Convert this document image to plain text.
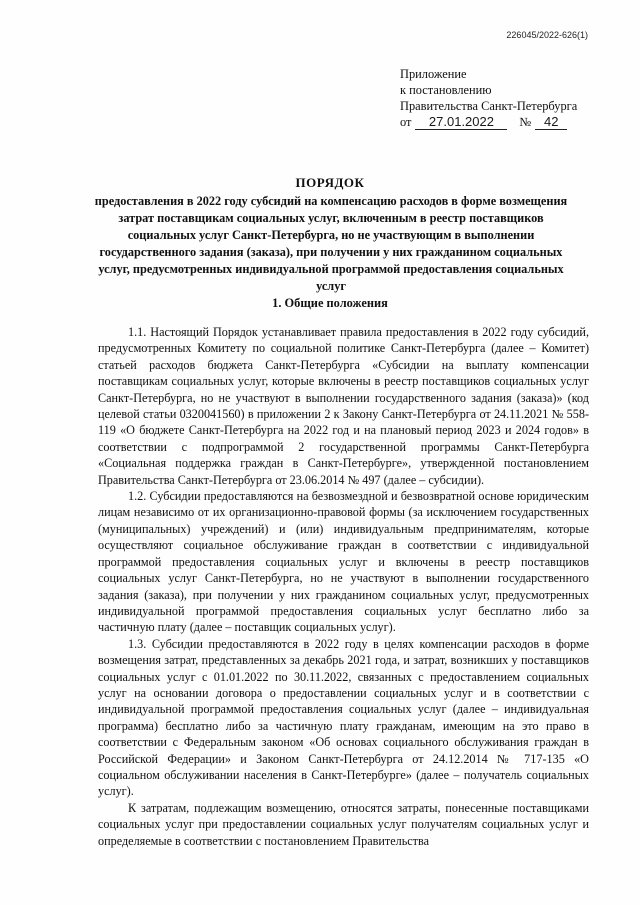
226045/2022-626(1)
Приложение
к постановлению
Правительства Санкт-Петербурга
от 27.01.2022 № 42
ПОРЯДОК
предоставления в 2022 году субсидий на компенсацию расходов в форме возмещения затрат поставщикам социальных услуг, включенным в реестр поставщиков социальных услуг Санкт-Петербурга, но не участвующим в выполнении государственного задания (заказа), при получении у них гражданином социальных услуг, предусмотренных индивидуальной программой предоставления социальных услуг
1. Общие положения

1.1. Настоящий Порядок устанавливает правила предоставления в 2022 году субсидий, предусмотренных Комитету по социальной политике Санкт-Петербурга (далее – Комитет) статьей расходов бюджета Санкт-Петербурга «Субсидии на выплату компенсации поставщикам социальных услуг, которые включены в реестр поставщиков социальных услуг Санкт-Петербурга, но не участвуют в выполнении государственного задания (заказа)» (код целевой статьи 0320041560) в приложении 2 к Закону Санкт-Петербурга от 24.11.2021 № 558-119 «О бюджете Санкт-Петербурга на 2022 год и на плановый период 2023 и 2024 годов» в соответствии с подпрограммой 2 государственной программы Санкт-Петербурга «Социальная поддержка граждан в Санкт-Петербурге», утвержденной постановлением Правительства Санкт-Петербурга от 23.06.2014 № 497 (далее – субсидии).

1.2. Субсидии предоставляются на безвозмездной и безвозвратной основе юридическим лицам независимо от их организационно-правовой формы (за исключением государственных (муниципальных) учреждений) и (или) индивидуальным предпринимателям, которые осуществляют социальное обслуживание граждан в соответствии с индивидуальной программой предоставления социальных услуг и включены в реестр поставщиков социальных услуг Санкт-Петербурга, но не участвуют в выполнении государственного задания (заказа), при получении у них гражданином социальных услуг, предусмотренных индивидуальной программой предоставления социальных услуг бесплатно либо за частичную плату (далее – поставщик социальных услуг).

1.3. Субсидии предоставляются в 2022 году в целях компенсации расходов в форме возмещения затрат, представленных за декабрь 2021 года, и затрат, возникших у поставщиков социальных услуг с 01.01.2022 по 30.11.2022, связанных с предоставлением социальных услуг на основании договора о предоставлении социальных услуг и в соответствии с индивидуальной программой предоставления социальных услуг (далее – индивидуальная программа) бесплатно либо за частичную плату гражданам, имеющим на это право в соответствии с Федеральным законом «Об основах социального обслуживания граждан в Российской Федерации» и Законом Санкт-Петербурга от 24.12.2014 № 717-135 «О социальном обслуживании населения в Санкт-Петербурге» (далее – получатель социальных услуг).

К затратам, подлежащим возмещению, относятся затраты, понесенные поставщиками социальных услуг при предоставлении социальных услуг получателям социальных услуг и определяемые в соответствии с постановлением Правительства
